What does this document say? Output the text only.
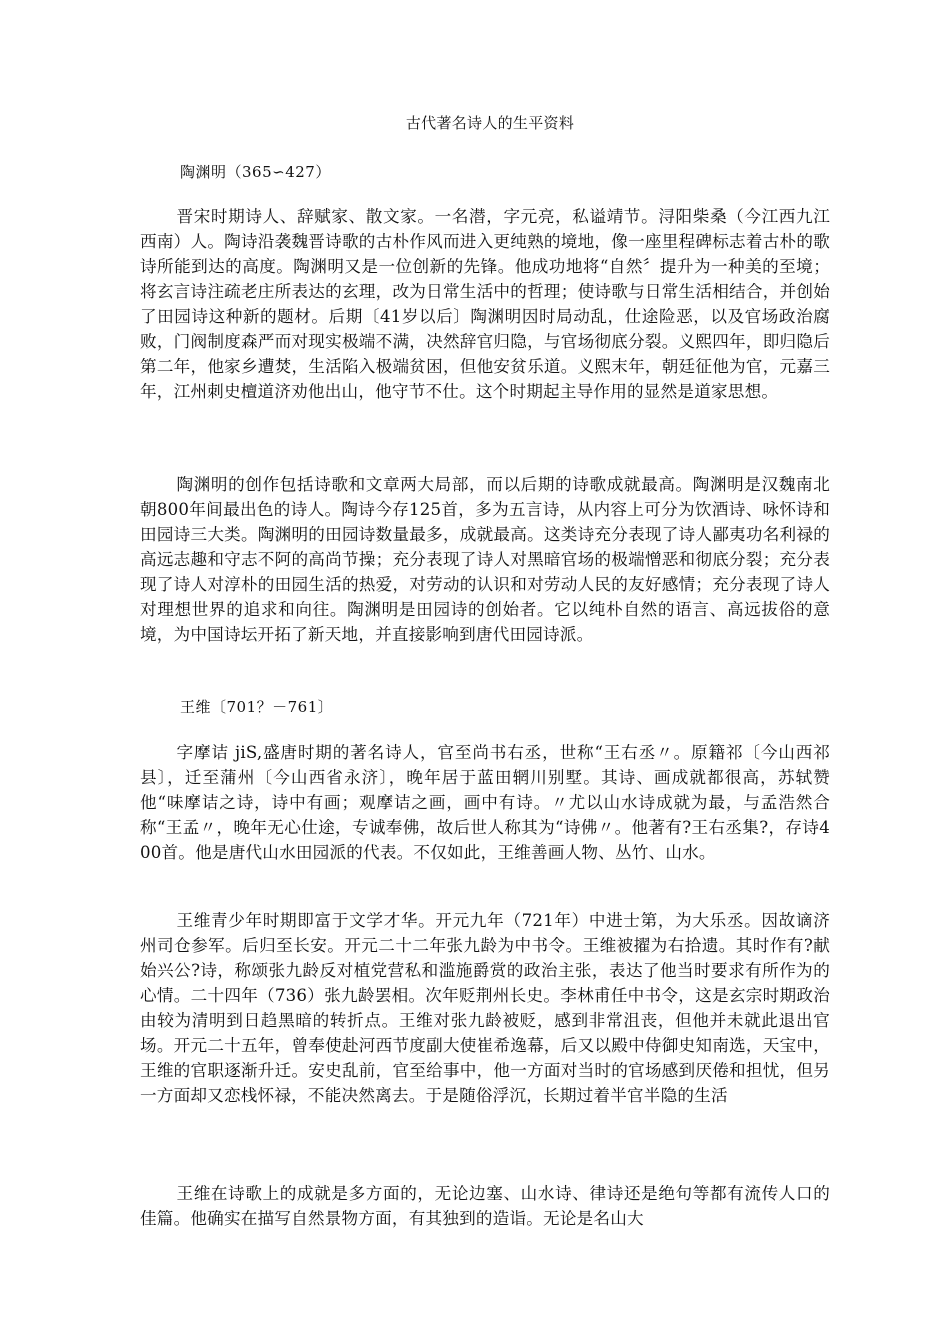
古代著名诗人的生平资料
陶渊明（365∽427）

晋宋时期诗人、辞赋家、散文家。一名潜，字元亮，私谥靖节。浔阳柴桑（今江西九江西南）人。陶诗沿袭魏晋诗歌的古朴作风而进入更纯熟的境地，像一座里程碑标志着古朴的歌诗所能到达的高度。陶渊明又是一位创新的先锋。他成功地将“自然〞提升为一种美的至境；将玄言诗注疏老庄所表达的玄理，改为日常生活中的哲理；使诗歌与日常生活相结合，并创始了田园诗这种新的题材。后期〔41岁以后〕陶渊明因时局动乱，仕途险恶，以及官场政治腐败，门阀制度森严而对现实极端不满，决然辞官归隐，与官场彻底分裂。义熙四年，即归隐后第二年，他家乡遭焚，生活陷入极端贫困，但他安贫乐道。义熙末年，朝廷征他为官，元嘉三年，江州刺史檀道济劝他出山，他守节不仕。这个时期起主导作用的显然是道家思想。

陶渊明的创作包括诗歌和文章两大局部，而以后期的诗歌成就最高。陶渊明是汉魏南北朝800年间最出色的诗人。陶诗今存125首，多为五言诗，从内容上可分为饮酒诗、咏怀诗和田园诗三大类。陶渊明的田园诗数量最多，成就最高。这类诗充分表现了诗人鄙夷功名利禄的高远志趣和守志不阿的高尚节操；充分表现了诗人对黑暗官场的极端憎恶和彻底分裂；充分表现了诗人对淳朴的田园生活的热爱，对劳动的认识和对劳动人民的友好感情；充分表现了诗人对理想世界的追求和向往。陶渊明是田园诗的创始者。它以纯朴自然的语言、高远拔俗的意境，为中国诗坛开拓了新天地，并直接影响到唐代田园诗派。

王维〔701？－761〕

字摩诘 jiS,盛唐时期的著名诗人，官至尚书右丞，世称“王右丞〃。原籍祁〔今山西祁县〕，迁至蒲州〔今山西省永济〕，晚年居于蓝田辋川别墅。其诗、画成就都很高，苏轼赞他“味摩诘之诗，诗中有画；观摩诘之画，画中有诗。〃尤以山水诗成就为最，与孟浩然合称“王孟〃，晚年无心仕途，专诚奉佛，故后世人称其为“诗佛〃。他著有?王右丞集?，存诗400首。他是唐代山水田园派的代表。不仅如此，王维善画人物、丛竹、山水。

王维青少年时期即富于文学才华。开元九年（721年）中进士第，为大乐丞。因故谪济州司仓参军。后归至长安。开元二十二年张九龄为中书令。王维被擢为右拾遗。其时作有?献始兴公?诗，称颂张九龄反对植党营私和滥施爵赏的政治主张，表达了他当时要求有所作为的心情。二十四年（736）张九龄罢相。次年贬荆州长史。李林甫任中书令，这是玄宗时期政治由较为清明到日趋黑暗的转折点。王维对张九龄被贬，感到非常沮丧，但他并未就此退出官场。开元二十五年，曾奉使赴河西节度副大使崔希逸幕，后又以殿中侍御史知南选，天宝中，王维的官职逐渐升迁。安史乱前，官至给事中，他一方面对当时的官场感到厌倦和担忧，但另一方面却又恋栈怀禄，不能决然离去。于是随俗浮沉，长期过着半官半隐的生活

王维在诗歌上的成就是多方面的，无论边塞、山水诗、律诗还是绝句等都有流传人口的佳篇。他确实在描写自然景物方面，有其独到的造诣。无论是名山大
